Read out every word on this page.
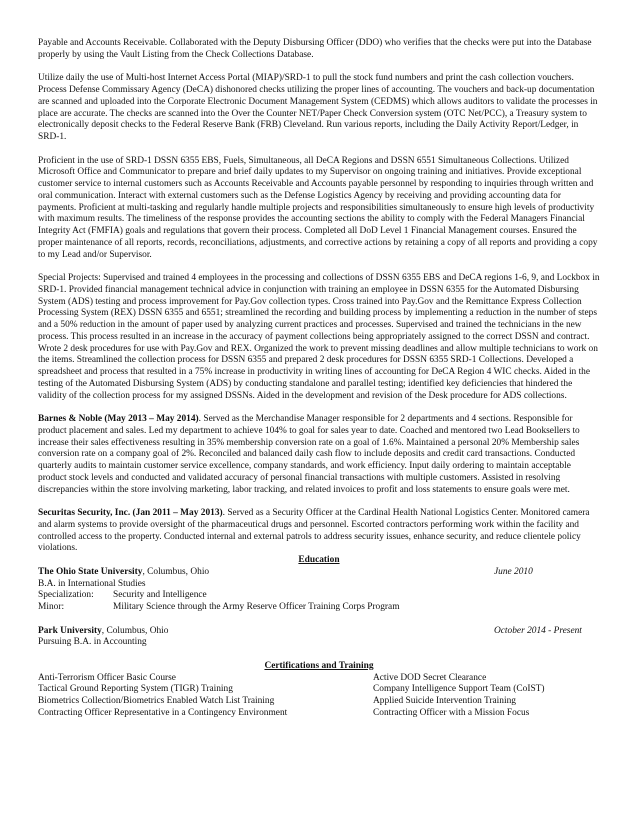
Payable and Accounts Receivable. Collaborated with the Deputy Disbursing Officer (DDO) who verifies that the checks were put into the Database properly by using the Vault Listing from the Check Collections Database.

Utilize daily the use of Multi-host Internet Access Portal (MIAP)/SRD-1 to pull the stock fund numbers and print the cash collection vouchers. Process Defense Commissary Agency (DeCA) dishonored checks utilizing the proper lines of accounting. The vouchers and back-up documentation are scanned and uploaded into the Corporate Electronic Document Management System (CEDMS) which allows auditors to validate the processes in place are accurate. The checks are scanned into the Over the Counter NET/Paper Check Conversion system (OTC Net/PCC), a Treasury system to electronically deposit checks to the Federal Reserve Bank (FRB) Cleveland. Run various reports, including the Daily Activity Report/Ledger, in SRD-1.

Proficient in the use of SRD-1 DSSN 6355 EBS, Fuels, Simultaneous, all DeCA Regions and DSSN 6551 Simultaneous Collections. Utilized Microsoft Office and Communicator to prepare and brief daily updates to my Supervisor on ongoing training and initiatives. Provide exceptional customer service to internal customers such as Accounts Receivable and Accounts payable personnel by responding to inquiries through written and oral communication. Interact with external customers such as the Defense Logistics Agency by receiving and providing accounting data for payments. Proficient at multi-tasking and regularly handle multiple projects and responsibilities simultaneously to ensure high levels of productivity with maximum results. The timeliness of the response provides the accounting sections the ability to comply with the Federal Managers Financial Integrity Act (FMFIA) goals and regulations that govern their process. Completed all DoD Level 1 Financial Management courses. Ensured the proper maintenance of all reports, records, reconciliations, adjustments, and corrective actions by retaining a copy of all reports and providing a copy to my Lead and/or Supervisor.

Special Projects: Supervised and trained 4 employees in the processing and collections of DSSN 6355 EBS and DeCA regions 1-6, 9, and Lockbox in SRD-1. Provided financial management technical advice in conjunction with training an employee in DSSN 6355 for the Automated Disbursing System (ADS) testing and process improvement for Pay.Gov collection types. Cross trained into Pay.Gov and the Remittance Express Collection Processing System (REX) DSSN 6355 and 6551; streamlined the recording and building process by implementing a reduction in the number of steps and a 50% reduction in the amount of paper used by analyzing current practices and processes. Supervised and trained the technicians in the new process. This process resulted in an increase in the accuracy of payment collections being appropriately assigned to the correct DSSN and contract. Wrote 2 desk procedures for use with Pay.Gov and REX. Organized the work to prevent missing deadlines and allow multiple technicians to work on the items. Streamlined the collection process for DSSN 6355 and prepared 2 desk procedures for DSSN 6355 SRD-1 Collections. Developed a spreadsheet and process that resulted in a 75% increase in productivity in writing lines of accounting for DeCA Region 4 WIC checks. Aided in the testing of the Automated Disbursing System (ADS) by conducting standalone and parallel testing; identified key deficiencies that hindered the validity of the collection process for my assigned DSSNs. Aided in the development and revision of the Desk procedure for ADS collections.

Barnes & Noble (May 2013 – May 2014). Served as the Merchandise Manager responsible for 2 departments and 4 sections. Responsible for product placement and sales. Led my department to achieve 104% to goal for sales year to date. Coached and mentored two Lead Booksellers to increase their sales effectiveness resulting in 35% membership conversion rate on a goal of 1.6%. Maintained a personal 20% Membership sales conversion rate on a company goal of 2%. Reconciled and balanced daily cash flow to include deposits and credit card transactions. Conducted quarterly audits to maintain customer service excellence, company standards, and work efficiency. Input daily ordering to maintain acceptable product stock levels and conducted and validated accuracy of personal financial transactions with multiple customers. Assisted in resolving discrepancies within the store involving marketing, labor tracking, and related invoices to profit and loss statements to ensure goals were met.

Securitas Security, Inc. (Jan 2011 – May 2013). Served as a Security Officer at the Cardinal Health National Logistics Center. Monitored camera and alarm systems to provide oversight of the pharmaceutical drugs and personnel. Escorted contractors performing work within the facility and controlled access to the property. Conducted internal and external patrols to address security issues, enhance security, and reduce clientele policy violations.

Education

The Ohio State University, Columbus, Ohio	June 2010

B.A. in International Studies

Specialization: Security and Intelligence
Minor:	Military Science through the Army Reserve Officer Training Corps Program
Park University, Columbus, Ohio	October 2014 - Present

Pursuing B.A. in Accounting

Certifications and Training

Anti-Terrorism Officer Basic Course	Active DOD Secret Clearance
Tactical Ground Reporting System (TIGR) Training	Company Intelligence Support Team (CoIST)
Biometrics Collection/Biometrics Enabled Watch List Training	Applied Suicide Intervention Training
Contracting Officer Representative in a Contingency Environment	Contracting Officer with a Mission Focus
